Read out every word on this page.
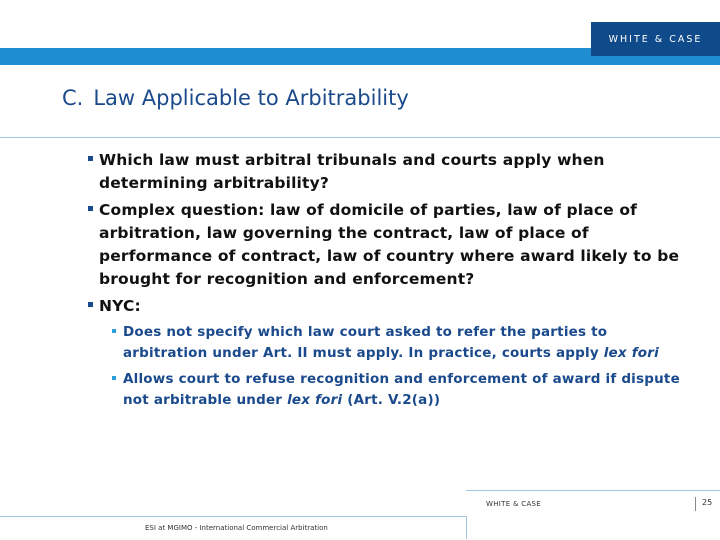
WHITE & CASE
C. Law Applicable to Arbitrability
Which law must arbitral tribunals and courts apply when determining arbitrability?
Complex question: law of domicile of parties, law of place of arbitration, law governing the contract, law of place of performance of contract, law of country where award likely to be brought for recognition and enforcement?
NYC:
Does not specify which law court asked to refer the parties to arbitration under Art. II must apply. In practice, courts apply lex fori
Allows court to refuse recognition and enforcement of award if dispute not arbitrable under lex fori (Art. V.2(a))
WHITE & CASE	25
ESI at MGIMO - International Commercial Arbitration
